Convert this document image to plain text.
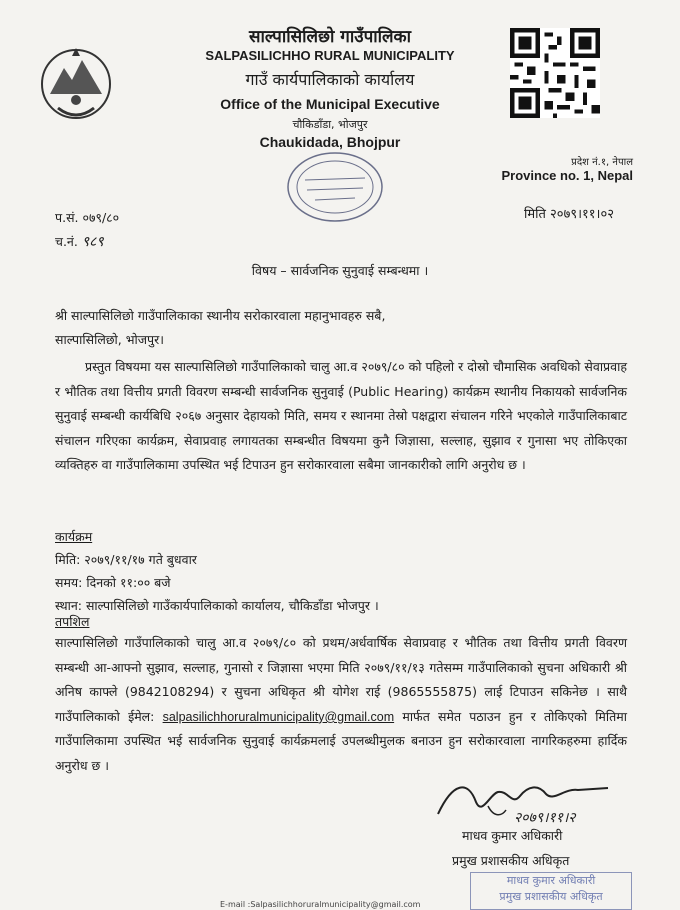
साल्पासिलिछो गाउँपालिका
SALPASILICHHO RURAL MUNICIPALITY
गाउँ कार्यपालिकाको कार्यालय
Office of the Municipal Executive
चौकिडाँडा, भोजपुर
Chaukidada, Bhojpur
प्रदेश नं.१, नेपाल
Province no. 1, Nepal
प.सं. ०७९/८०
च.नं. ९८९
मिति २०७९।११।०२
विषय – सार्वजनिक सुनुवाई सम्बन्धमा ।
श्री साल्पासिलिछो गाउँपालिकाका स्थानीय सरोकारवाला महानुभावहरु सबै,
साल्पासिलिछो, भोजपुर।
प्रस्तुत विषयमा यस साल्पासिलिछो गाउँपालिकाको चालु आ.व २०७९/८० को पहिलो र दोस्रो चौमासिक अवधिको सेवाप्रवाह र भौतिक तथा वित्तीय प्रगती विवरण सम्बन्धी सार्वजनिक सुनुवाई (Public Hearing) कार्यक्रम स्थानीय निकायको सार्वजनिक सुनुवाई सम्बन्धी कार्यबिधि २०६७ अनुसार देहायको मिति, समय र स्थानमा तेस्रो पक्षद्वारा संचालन गरिने भएकोले गाउँपालिकाबाट संचालन गरिएका कार्यक्रम, सेवाप्रवाह लगायतका सम्बन्धीत विषयमा कुनै जिज्ञासा, सल्लाह, सुझाव र गुनासा भए तोकिएका व्यक्तिहरु वा गाउँपालिकामा उपस्थित भई टिपाउन हुन सरोकारवाला सबैमा जानकारीको लागि अनुरोध छ ।
कार्यक्रम
मिति: २०७९/११/१७ गते बुधवार
समय: दिनको ११:०० बजे
स्थान: साल्पासिलिछो गाउँकार्यपालिकाको कार्यालय, चौकिडाँडा भोजपुर ।
तपशिल
साल्पासिलिछो गाउँपालिकाको चालु आ.व २०७९/८० को प्रथम/अर्धवार्षिक सेवाप्रवाह र भौतिक तथा वित्तीय प्रगती विवरण सम्बन्धी आ-आफ्नो सुझाव, सल्लाह, गुनासो र जिज्ञासा भएमा मिति २०७९/११/१३ गतेसम्म गाउँपालिकाको सुचना अधिकारी श्री अनिष काफ्ले (9842108294) र सुचना अधिकृत श्री योगेश राई (9865555875) लाई टिपाउन सकिनेछ । साथै गाउँपालिकाको ईमेल: salpasilichhoruralmunicipality@gmail.com मार्फत समेत पठाउन हुन र तोकिएको मितिमा गाउँपालिकामा उपस्थित भई सार्वजनिक सुनुवाई कार्यक्रमलाई उपलब्धीमुलक बनाउन हुन सरोकारवाला नागरिकहरुमा हार्दिक अनुरोध छ ।
२०७९।११।२
माधव कुमार अधिकारी
प्रमुख प्रशासकीय अधिकृत
माधव कुमार अधिकारी
प्रमुख प्रशासकीय अधिकृत
E-mail :Salpasilichhoruralmunicipality@gmail.com
